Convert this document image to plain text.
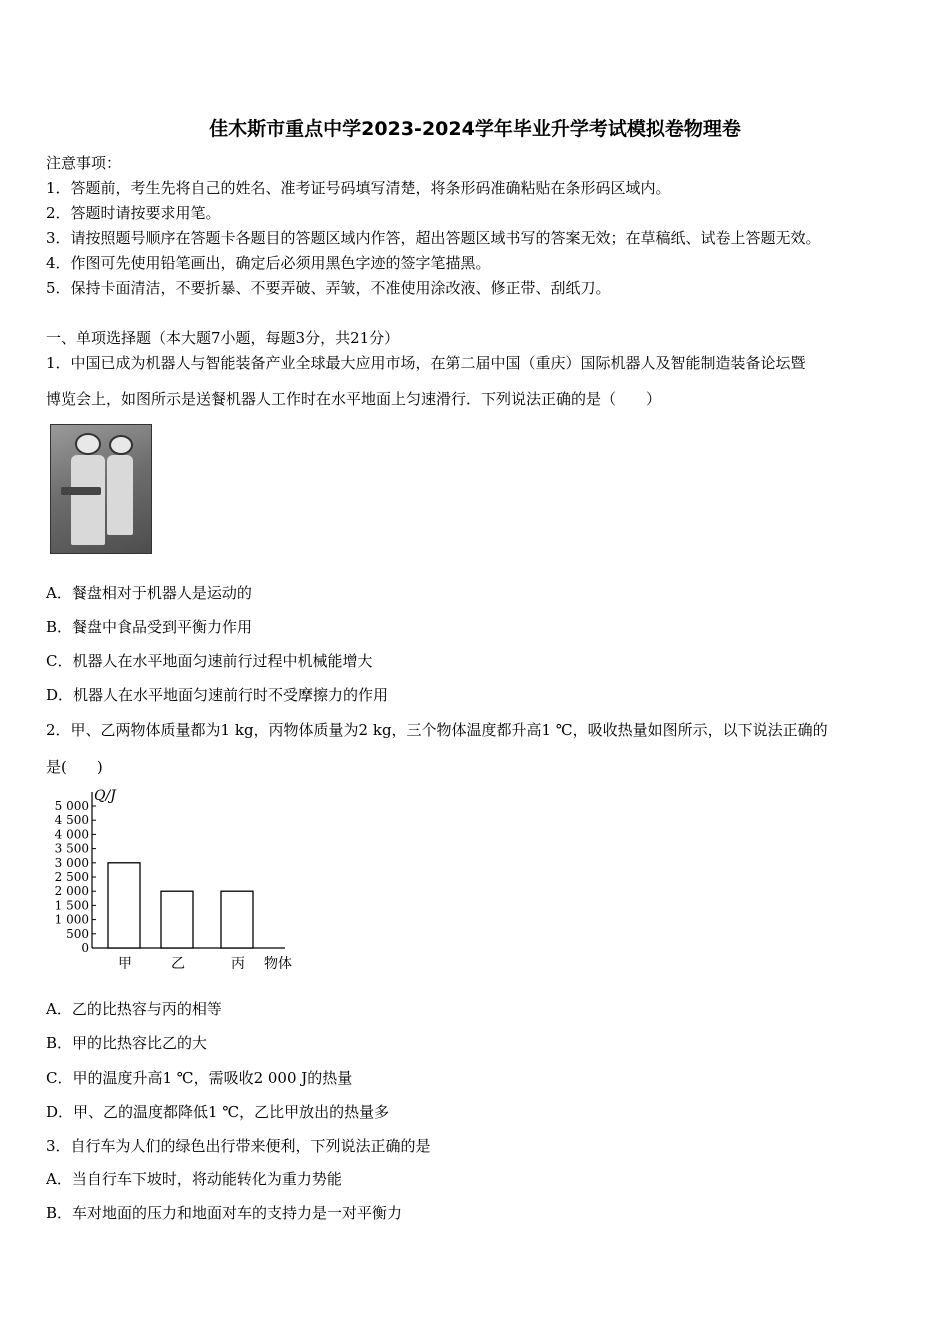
佳木斯市重点中学2023-2024学年毕业升学考试模拟卷物理卷
注意事项：
1．答题前，考生先将自己的姓名、准考证号码填写清楚，将条形码准确粘贴在条形码区域内。
2．答题时请按要求用笔。
3．请按照题号顺序在答题卡各题目的答题区域内作答，超出答题区域书写的答案无效；在草稿纸、试卷上答题无效。
4．作图可先使用铅笔画出，确定后必须用黑色字迹的签字笔描黑。
5．保持卡面清洁，不要折暴、不要弄破、弄皱，不准使用涂改液、修正带、刮纸刀。
一、单项选择题（本大题7小题，每题3分，共21分）
1．中国已成为机器人与智能装备产业全球最大应用市场，在第二届中国（重庆）国际机器人及智能制造装备论坛暨
博览会上，如图所示是送餐机器人工作时在水平地面上匀速滑行．下列说法正确的是（　　）
A．餐盘相对于机器人是运动的
B．餐盘中食品受到平衡力作用
C．机器人在水平地面匀速前行过程中机械能增大
D．机器人在水平地面匀速前行时不受摩擦力的作用
2．甲、乙两物体质量都为1 kg，丙物体质量为2 kg，三个物体温度都升高1 ℃，吸收热量如图所示，以下说法正确的
是(　　)
Q/J
0
500
1 000
1 500
2 000
2 500
3 000
3 500
4 000
4 500
5 000
甲	乙	丙 物体
A．乙的比热容与丙的相等
B．甲的比热容比乙的大
C．甲的温度升高1 ℃，需吸收2 000 J的热量
D．甲、乙的温度都降低1 ℃，乙比甲放出的热量多
3．自行车为人们的绿色出行带来便利，下列说法正确的是
A．当自行车下坡时，将动能转化为重力势能
B．车对地面的压力和地面对车的支持力是一对平衡力
